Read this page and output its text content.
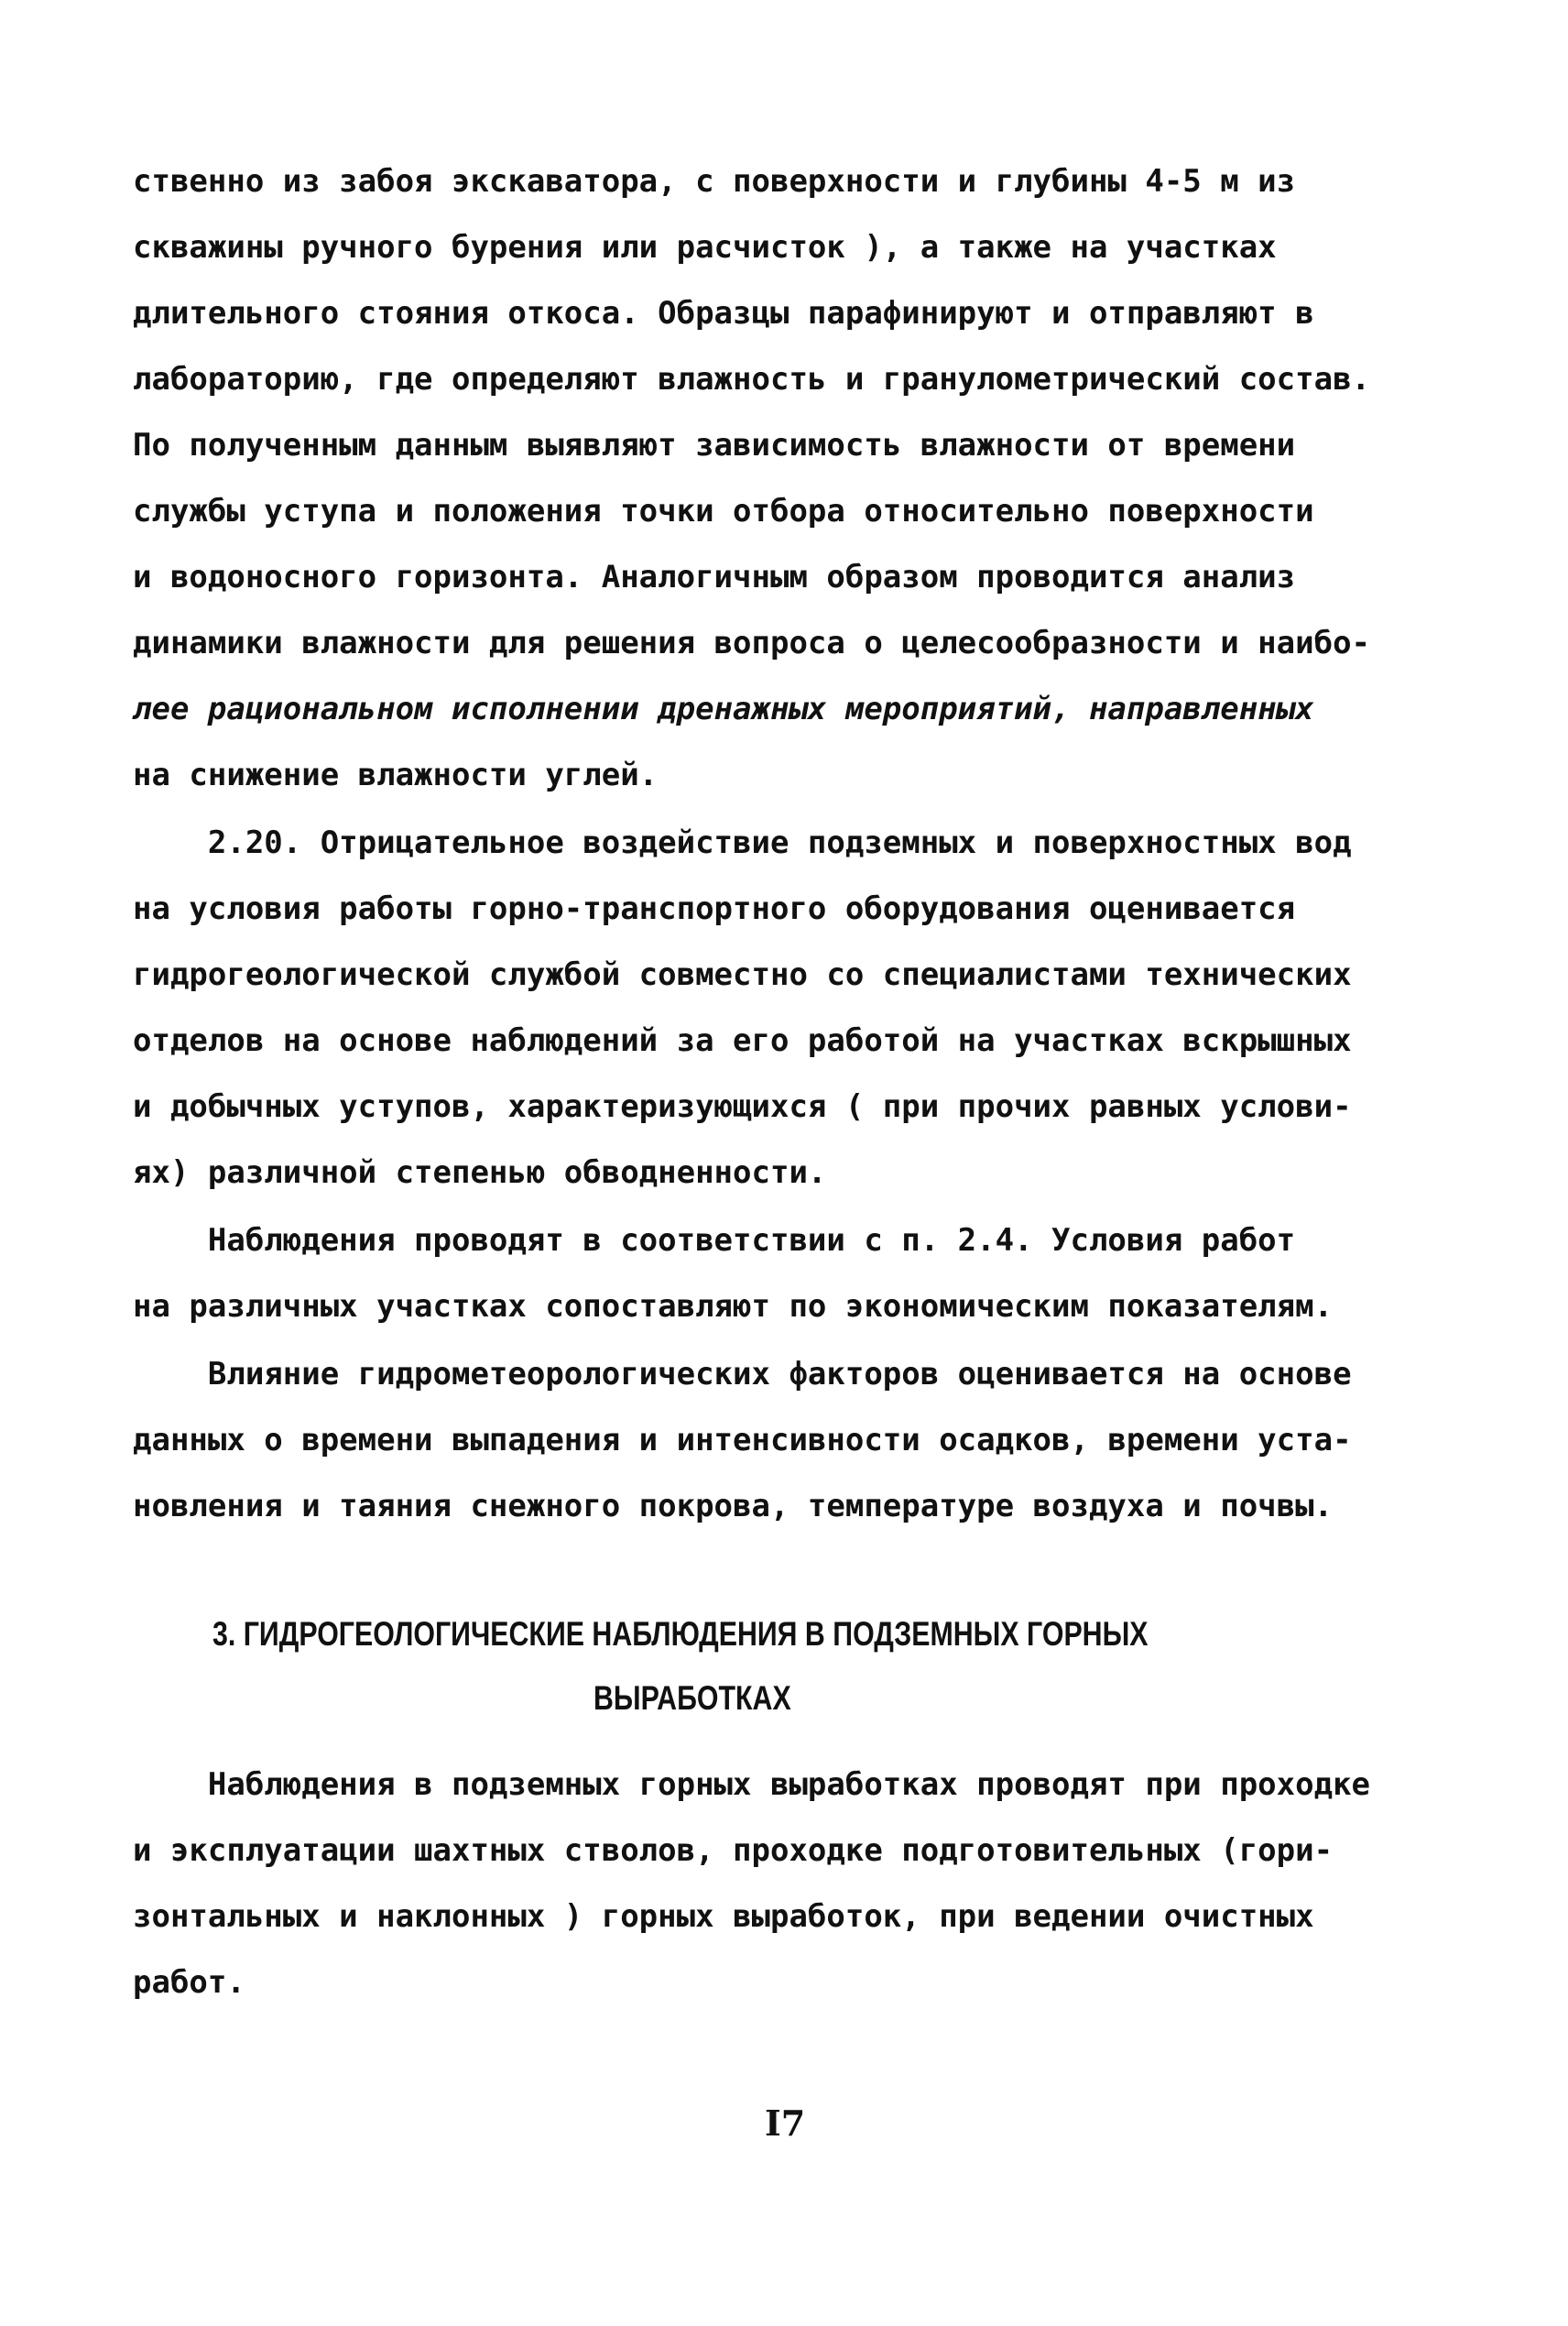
ственно из забоя экскаватора, с поверхности и глубины 4-5 м из
скважины ручного бурения или расчисток ), а также на участках
длительного стояния откоса. Образцы парафинируют и отправляют в
лабораторию, где определяют влажность и гранулометрический состав.
По полученным данным выявляют зависимость влажности от времени
службы уступа и положения точки отбора относительно поверхности
и водоносного горизонта. Аналогичным образом проводится анализ
динамики влажности для решения вопроса о целесообразности и наибо-
лее рациональном исполнении дренажных мероприятий, направленных
на снижение влажности углей.
2.20. Отрицательное воздействие подземных и поверхностных вод
на условия работы горно-транспортного оборудования оценивается
гидрогеологической службой совместно со специалистами технических
отделов на основе наблюдений за его работой на участках вскрышных
и добычных уступов, характеризующихся ( при прочих равных услови-
ях) различной степенью обводненности.
Наблюдения проводят в соответствии с п. 2.4. Условия работ
на различных участках сопоставляют по экономическим показателям.
Влияние гидрометеорологических факторов оценивается на основе
данных о времени выпадения и интенсивности осадков, времени уста-
новления и таяния снежного покрова, температуре воздуха и почвы.
3. ГИДРОГЕОЛОГИЧЕСКИЕ НАБЛЮДЕНИЯ В ПОДЗЕМНЫХ ГОРНЫХ
ВЫРАБОТКАХ
Наблюдения в подземных горных выработках проводят при проходке
и эксплуатации шахтных стволов, проходке подготовительных (гори-
зонтальных и наклонных ) горных выработок, при ведении очистных
работ.
I7
